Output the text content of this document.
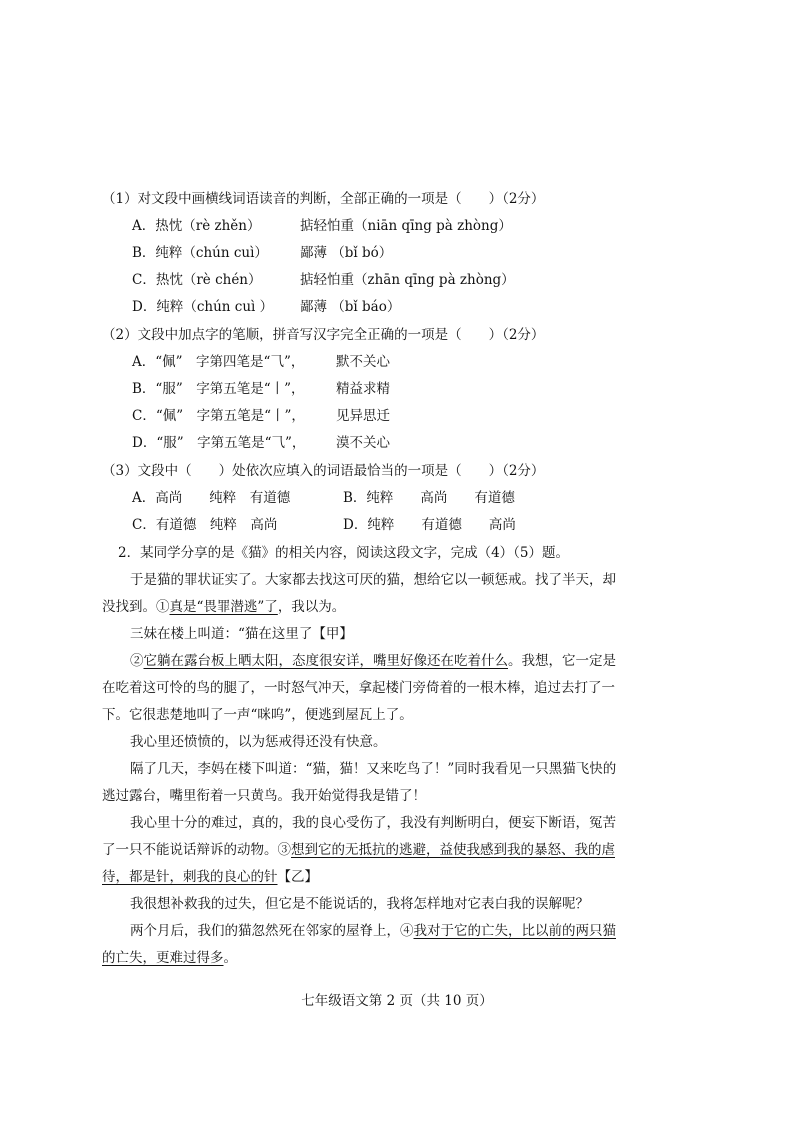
（1）对文段中画横线词语读音的判断，全部正确的一项是（　　）（2分）
A．热忱（rè zhěn）	掂轻怕重（niān qīng pà zhòng）
B．纯粹（chún cuì） 鄙薄 （bǐ bó）
C．热忱（rè chén）	掂轻怕重（zhān qīng pà zhòng）
D．纯粹（chún cuì ） 鄙薄 （bǐ báo）
（2）文段中加点字的笔顺，拼音写汉字完全正确的一项是（　　）（2分）
A．“佩”　字第四笔是“⺄”， 默不关心
B．“服”　字第五笔是“丨”， 精益求精
C．“佩”　字第五笔是“丨”， 见异思迁
D．“服”　字第五笔是“⺄”， 漠不关心
（3）文段中（　　）处依次应填入的词语最恰当的一项是（　　）（2分）
A．高尚　　纯粹　有道德	B．纯粹　　高尚　　有道德
C．有道德　纯粹　高尚	D．纯粹　　有道德　　高尚
2．某同学分享的是《猫》的相关内容，阅读这段文字，完成（4）（5）题。
于是猫的罪状证实了。大家都去找这可厌的猫，想给它以一顿惩戒。找了半天，却
没找到。①真是“畏罪潜逃”了，我以为。
三妹在楼上叫道：“猫在这里了【甲】
②它躺在露台板上晒太阳，态度很安详，嘴里好像还在吃着什么。我想，它一定是
在吃着这可怜的鸟的腿了，一时怒气冲天，拿起楼门旁倚着的一根木棒，追过去打了一
下。它很悲楚地叫了一声“咪呜”，便逃到屋瓦上了。
我心里还愤愤的，以为惩戒得还没有快意。
隔了几天，李妈在楼下叫道：“猫，猫！又来吃鸟了！”同时我看见一只黑猫飞快的
逃过露台，嘴里衔着一只黄鸟。我开始觉得我是错了！
我心里十分的难过，真的，我的良心受伤了，我没有判断明白，便妄下断语，冤苦
了一只不能说话辩诉的动物。③想到它的无抵抗的逃避，益使我感到我的暴怒、我的虐
待，都是针，刺我的良心的针【乙】
我很想补救我的过失，但它是不能说话的，我将怎样地对它表白我的误解呢？
两个月后，我们的猫忽然死在邻家的屋脊上，④我对于它的亡失，比以前的两只猫
的亡失，更难过得多。
七年级语文第 2 页（共 10 页）
